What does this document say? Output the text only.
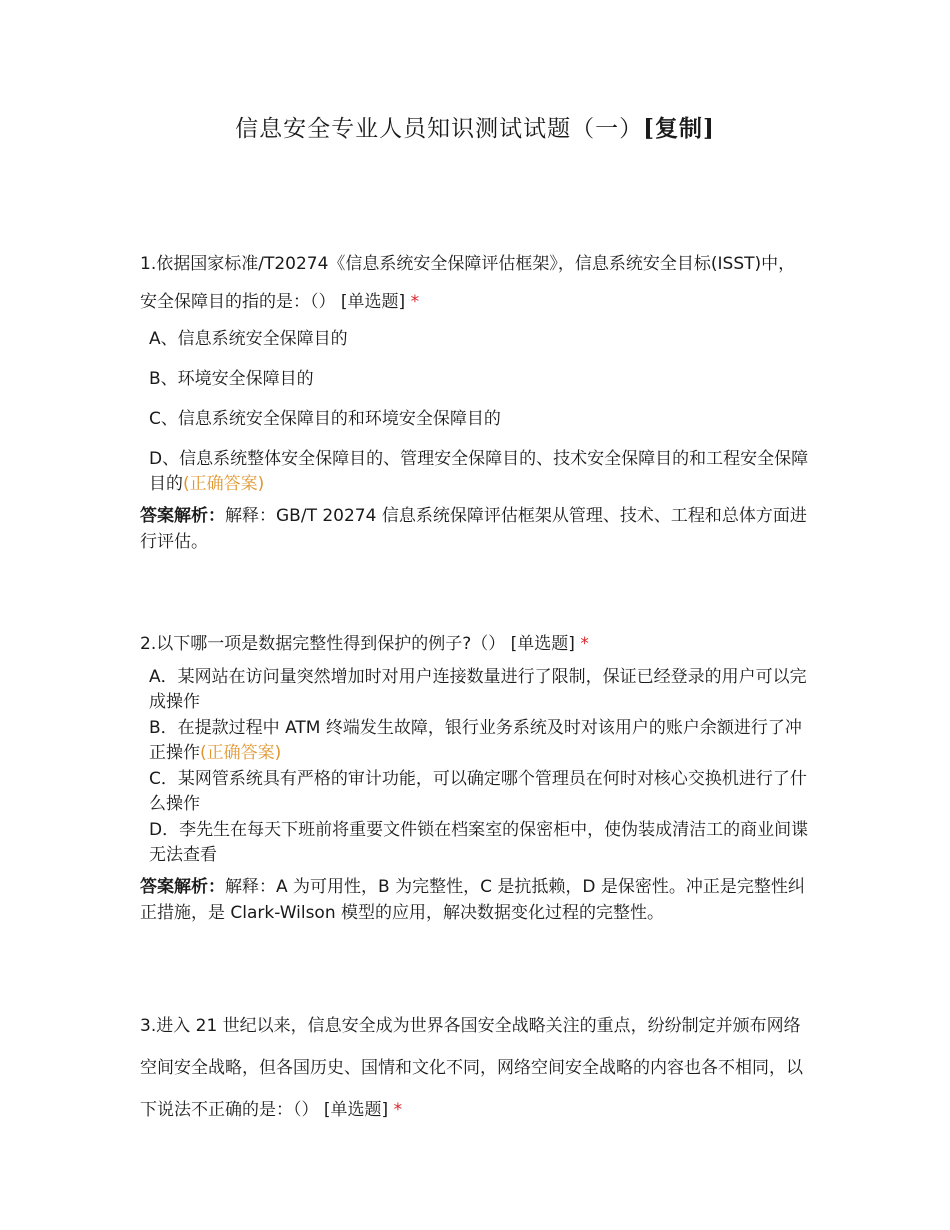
信息安全专业人员知识测试试题（一）[复制]

1.依据国家标准/T20274《信息系统安全保障评估框架》，信息系统安全目标(ISST)中，安全保障目的指的是：（） [单选题] *

A、信息系统安全保障目的
B、环境安全保障目的
C、信息系统安全保障目的和环境安全保障目的
D、信息系统整体安全保障目的、管理安全保障目的、技术安全保障目的和工程安全保障目的(正确答案)

答案解析：解释：GB/T 20274 信息系统保障评估框架从管理、技术、工程和总体方面进行评估。

2.以下哪一项是数据完整性得到保护的例子?（） [单选题] *

A．某网站在访问量突然增加时对用户连接数量进行了限制，保证已经登录的用户可以完成操作
B．在提款过程中 ATM 终端发生故障，银行业务系统及时对该用户的账户余额进行了冲正操作(正确答案)
C．某网管系统具有严格的审计功能，可以确定哪个管理员在何时对核心交换机进行了什么操作
D．李先生在每天下班前将重要文件锁在档案室的保密柜中，使伪装成清洁工的商业间谍无法查看

答案解析：解释：A 为可用性，B 为完整性，C 是抗抵赖，D 是保密性。冲正是完整性纠正措施，是 Clark-Wilson 模型的应用，解决数据变化过程的完整性。

3.进入 21 世纪以来，信息安全成为世界各国安全战略关注的重点，纷纷制定并颁布网络空间安全战略，但各国历史、国情和文化不同，网络空间安全战略的内容也各不相同，以下说法不正确的是：（） [单选题] *
